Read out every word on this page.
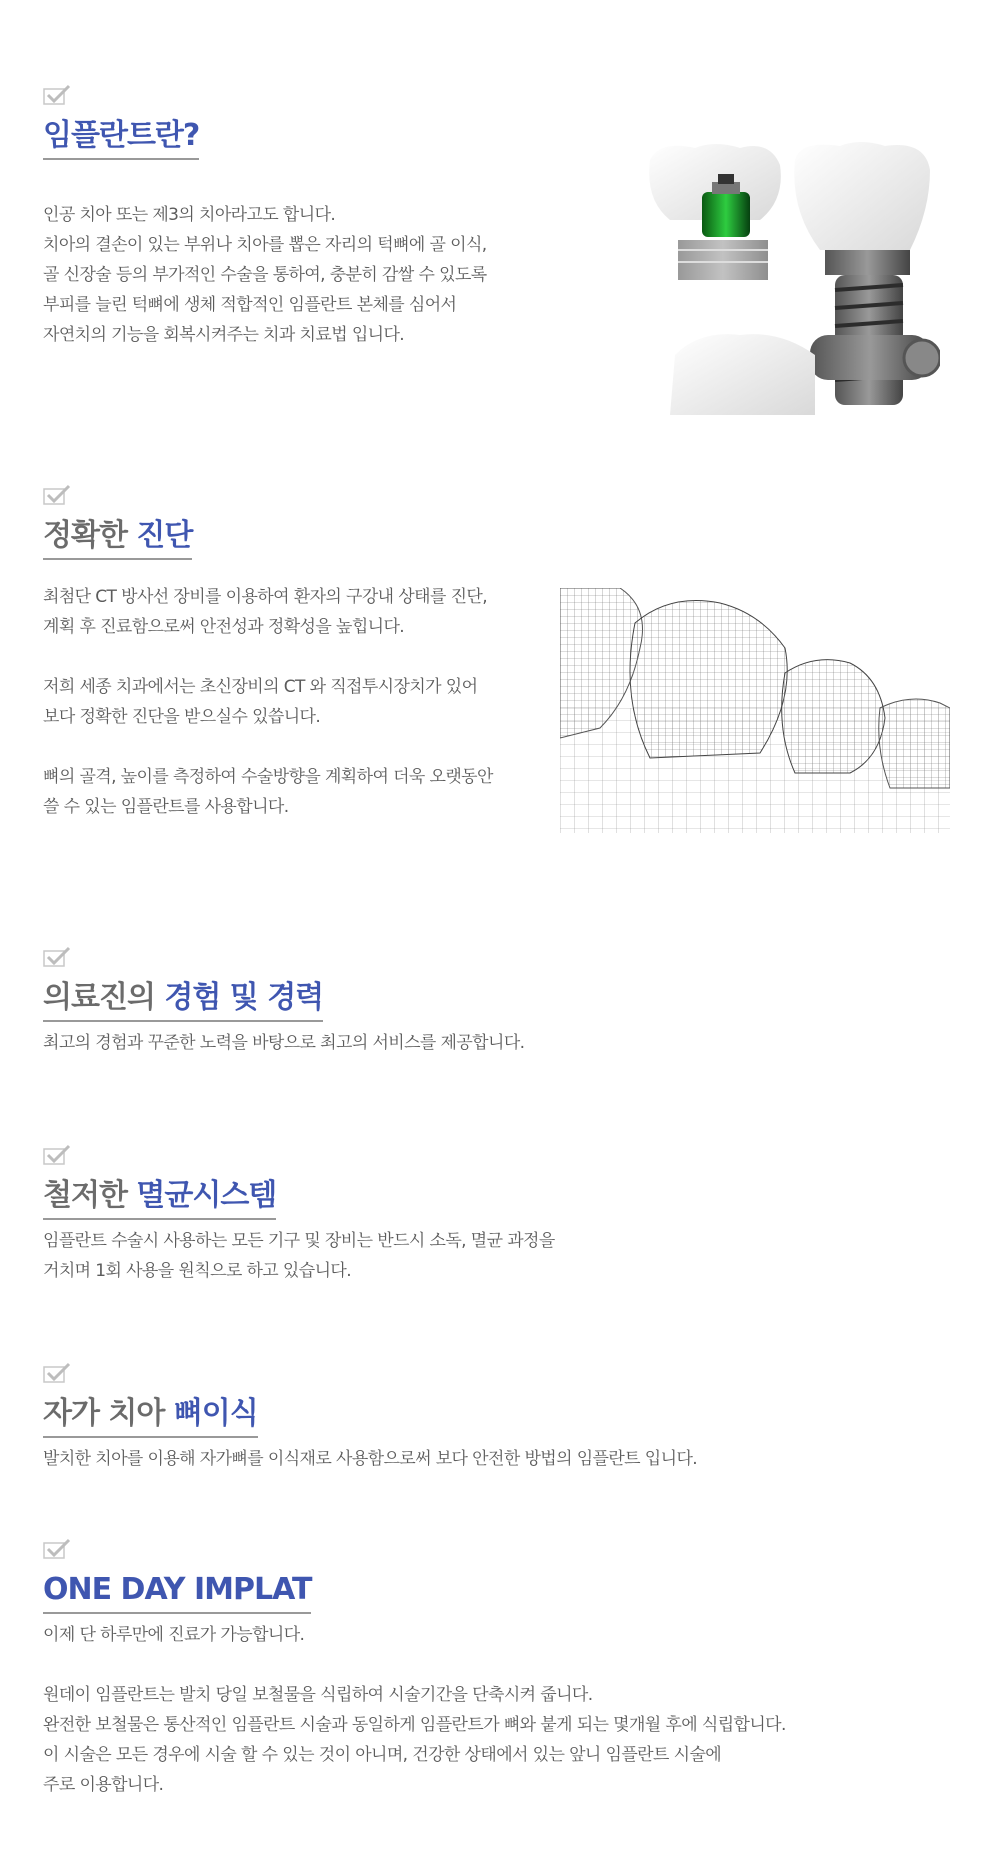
임플란트란?

인공 치아 또는 제3의 치아라고도 합니다.

치아의 결손이 있는 부위나 치아를 뽑은 자리의 턱뼈에 골 이식,

골 신장술 등의 부가적인 수술을 통하여, 충분히 감쌀 수 있도록

부피를 늘린 턱뼈에 생체 적합적인 임플란트 본체를 심어서

자연치의 기능을 회복시켜주는 치과 치료법 입니다.

정확한 진단

최첨단 CT 방사선 장비를 이용하여 환자의 구강내 상태를 진단,

계획 후 진료함으로써 안전성과 정확성을 높힙니다.

저희 세종 치과에서는 초신장비의 CT 와 직접투시장치가 있어

보다 정확한 진단을 받으실수 있씁니다.

뼈의 골격, 높이를 측정하여 수술방향을 계획하여 더욱 오랫동안

쓸 수 있는 임플란트를 사용합니다.

의료진의 경험 및 경력

최고의 경험과 꾸준한 노력을 바탕으로 최고의 서비스를 제공합니다.

철저한 멸균시스템

임플란트 수술시 사용하는 모든 기구 및 장비는 반드시 소독, 멸균 과정을

거치며 1회 사용을 원칙으로 하고 있습니다.

자가 치아 뼈이식

발치한 치아를 이용해 자가뼈를 이식재로 사용함으로써 보다 안전한 방법의 임플란트 입니다.

ONE DAY IMPLAT

이제 단 하루만에 진료가 가능합니다.

원데이 임플란트는 발치 당일 보철물을 식립하여 시술기간을 단축시켜 줍니다.

완전한 보철물은 통산적인 임플란트 시술과 동일하게 임플란트가 뼈와 붙게 되는 몇개월 후에 식립합니다.

이 시술은 모든 경우에 시술 할 수 있는 것이 아니며, 건강한 상태에서 있는 앞니 임플란트 시술에

주로 이용합니다.
